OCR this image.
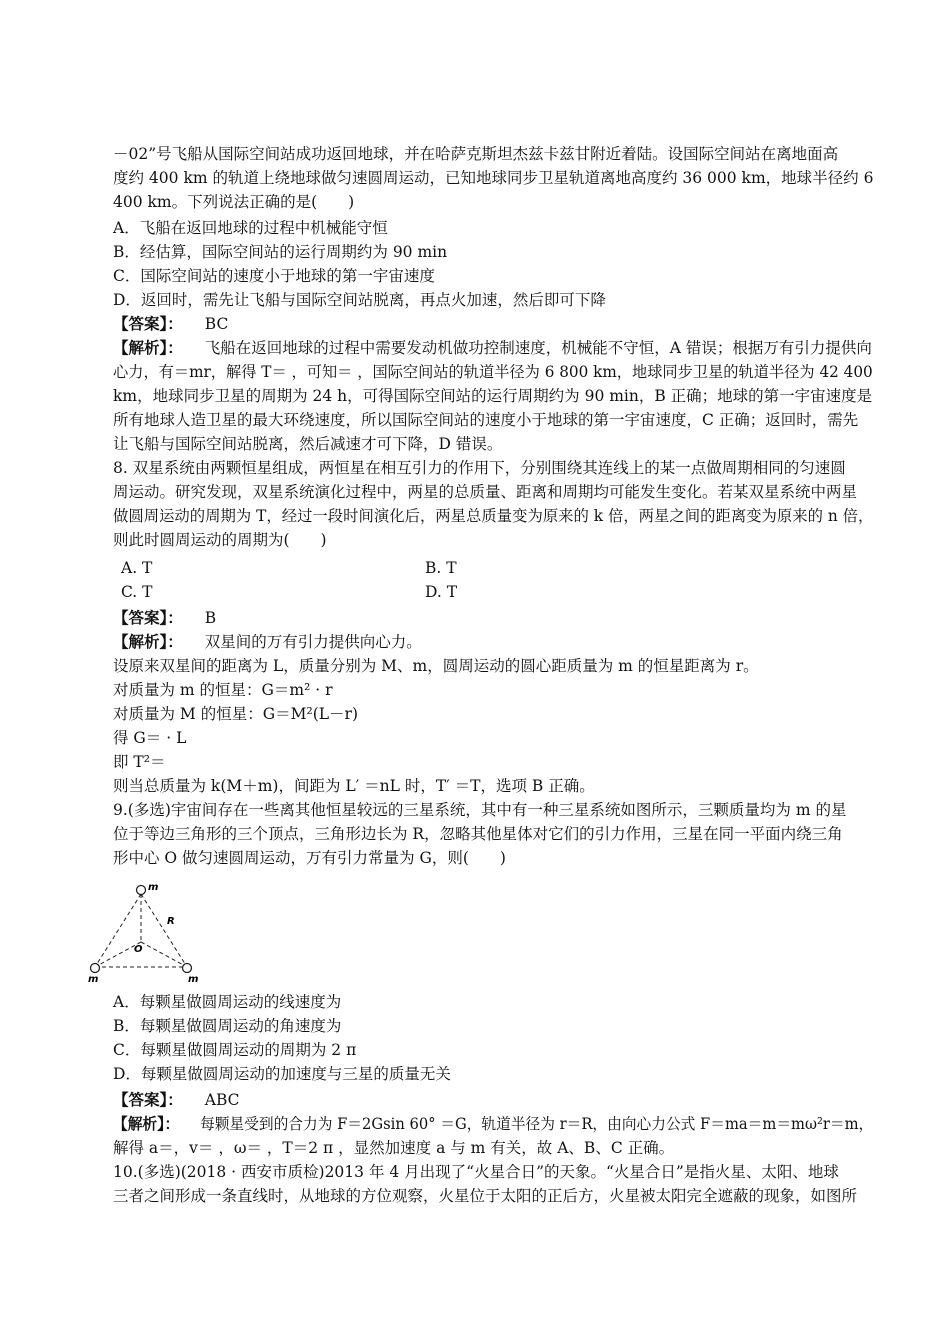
－02”号飞船从国际空间站成功返回地球，并在哈萨克斯坦杰兹卡兹甘附近着陆。设国际空间站在离地面高
度约 400 km 的轨道上绕地球做匀速圆周运动，已知地球同步卫星轨道离地高度约 36 000 km，地球半径约 6
400 km。下列说法正确的是(　　)
A．飞船在返回地球的过程中机械能守恒
B．经估算，国际空间站的运行周期约为 90 min
C．国际空间站的速度小于地球的第一宇宙速度
D．返回时，需先让飞船与国际空间站脱离，再点火加速，然后即可下降
【答案】： BC
【解析】： 飞船在返回地球的过程中需要发动机做功控制速度，机械能不守恒，A 错误；根据万有引力提供向
心力，有＝mr，解得 T＝ ，可知＝ ，国际空间站的轨道半径为 6 800 km，地球同步卫星的轨道半径为 42 400
km，地球同步卫星的周期为 24 h，可得国际空间站的运行周期约为 90 min，B 正确；地球的第一宇宙速度是
所有地球人造卫星的最大环绕速度，所以国际空间站的速度小于地球的第一宇宙速度，C 正确；返回时，需先
让飞船与国际空间站脱离，然后减速才可下降，D 错误。
8. 双星系统由两颗恒星组成，两恒星在相互引力的作用下，分别围绕其连线上的某一点做周期相同的匀速圆
周运动。研究发现，双星系统演化过程中，两星的总质量、距离和周期均可能发生变化。若某双星系统中两星
做圆周运动的周期为 T，经过一段时间演化后，两星总质量变为原来的 k 倍，两星之间的距离变为原来的 n 倍，
则此时圆周运动的周期为(　　)
A. T	B. T
C. T	D. T
【答案】： B
【解析】： 双星间的万有引力提供向心力。
设原来双星间的距离为 L，质量分别为 M、m，圆周运动的圆心距质量为 m 的恒星距离为 r。
对质量为 m 的恒星：G＝m² · r
对质量为 M 的恒星：G＝M²(L－r)
得 G＝ · L
即 T²＝
则当总质量为 k(M＋m)，间距为 L′ ＝nL 时，T′ ＝T，选项 B 正确。
9.(多选)宇宙间存在一些离其他恒星较远的三星系统，其中有一种三星系统如图所示，三颗质量均为 m 的星
位于等边三角形的三个顶点，三角形边长为 R，忽略其他星体对它们的引力作用，三星在同一平面内绕三角
形中心 O 做匀速圆周运动，万有引力常量为 G，则(　　)
m
m	m
R
O
A．每颗星做圆周运动的线速度为
B．每颗星做圆周运动的角速度为
C．每颗星做圆周运动的周期为 2 π
D．每颗星做圆周运动的加速度与三星的质量无关
【答案】： ABC
【解析】： 每颗星受到的合力为 F＝2Gsin 60° ＝G，轨道半径为 r＝R，由向心力公式 F＝ma＝m＝mω²r＝m，
解得 a＝，v＝ ，ω＝ ，T＝2 π ，显然加速度 a 与 m 有关，故 A、B、C 正确。
10.(多选)(2018 · 西安市质检)2013 年 4 月出现了“火星合日”的天象。“火星合日”是指火星、太阳、地球
三者之间形成一条直线时，从地球的方位观察，火星位于太阳的正后方，火星被太阳完全遮蔽的现象，如图所
